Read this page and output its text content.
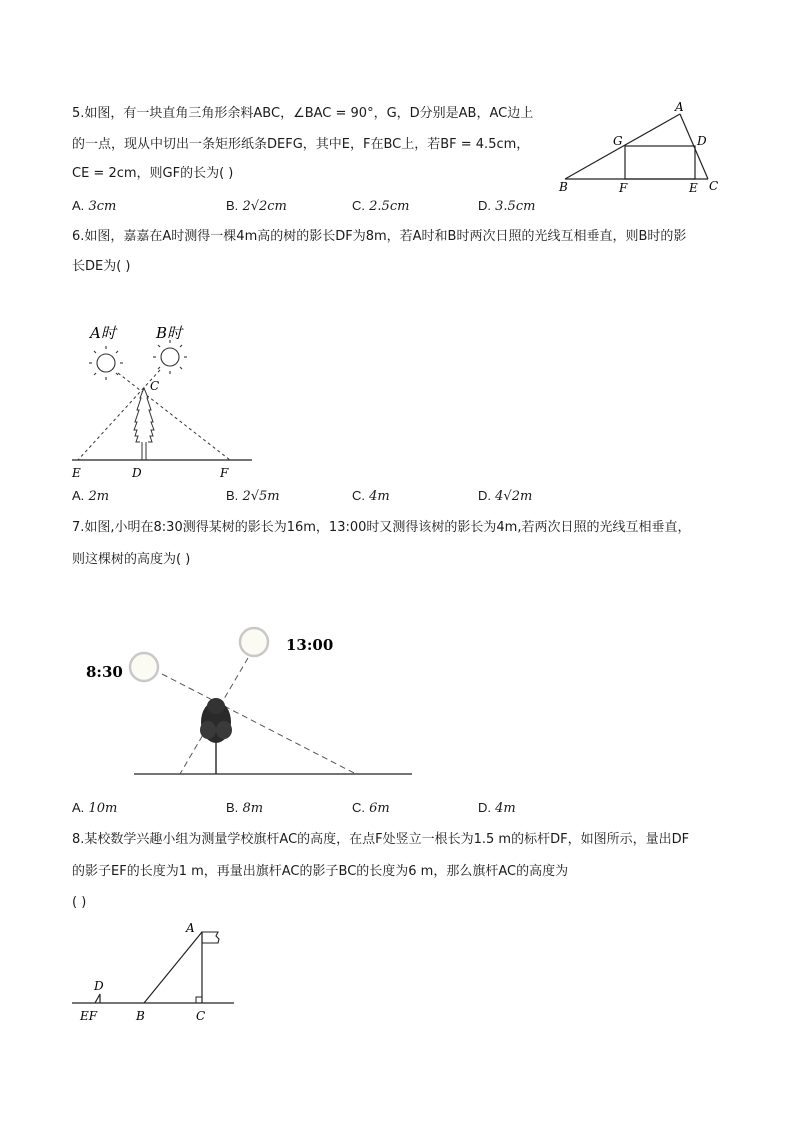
5.如图，有一块直角三角形余料ABC，∠BAC = 90°，G，D分别是AB，AC边上
的一点，现从中切出一条矩形纸条DEFG，其中E，F在BC上，若BF = 4.5cm，
CE = 2cm，则GF的长为( )
A. 3cm	B. 2√2cm	C. 2.5cm	D. 3.5cm
A
G	D
B	F	E C
6.如图，嘉嘉在A时测得一棵4m高的树的影长DF为8m，若A时和B时两次日照的光线互相垂直，则B时的影
长DE为( )
A时	B时
C
E	D	F
A. 2m	B. 2√5m	C. 4m	D. 4√2m
7.如图,小明在8:30测得某树的影长为16m，13:00时又测得该树的影长为4m,若两次日照的光线互相垂直，
则这棵树的高度为( )
8:30
13:00
A. 10m	B. 8m	C. 6m	D. 4m
8.某校数学兴趣小组为测量学校旗杆AC的高度，在点F处竖立一根长为1.5 m的标杆DF，如图所示，量出DF
的影子EF的长度为1 m，再量出旗杆AC的影子BC的长度为6 m，那么旗杆AC的高度为
( )
A
D
EF	B	C
